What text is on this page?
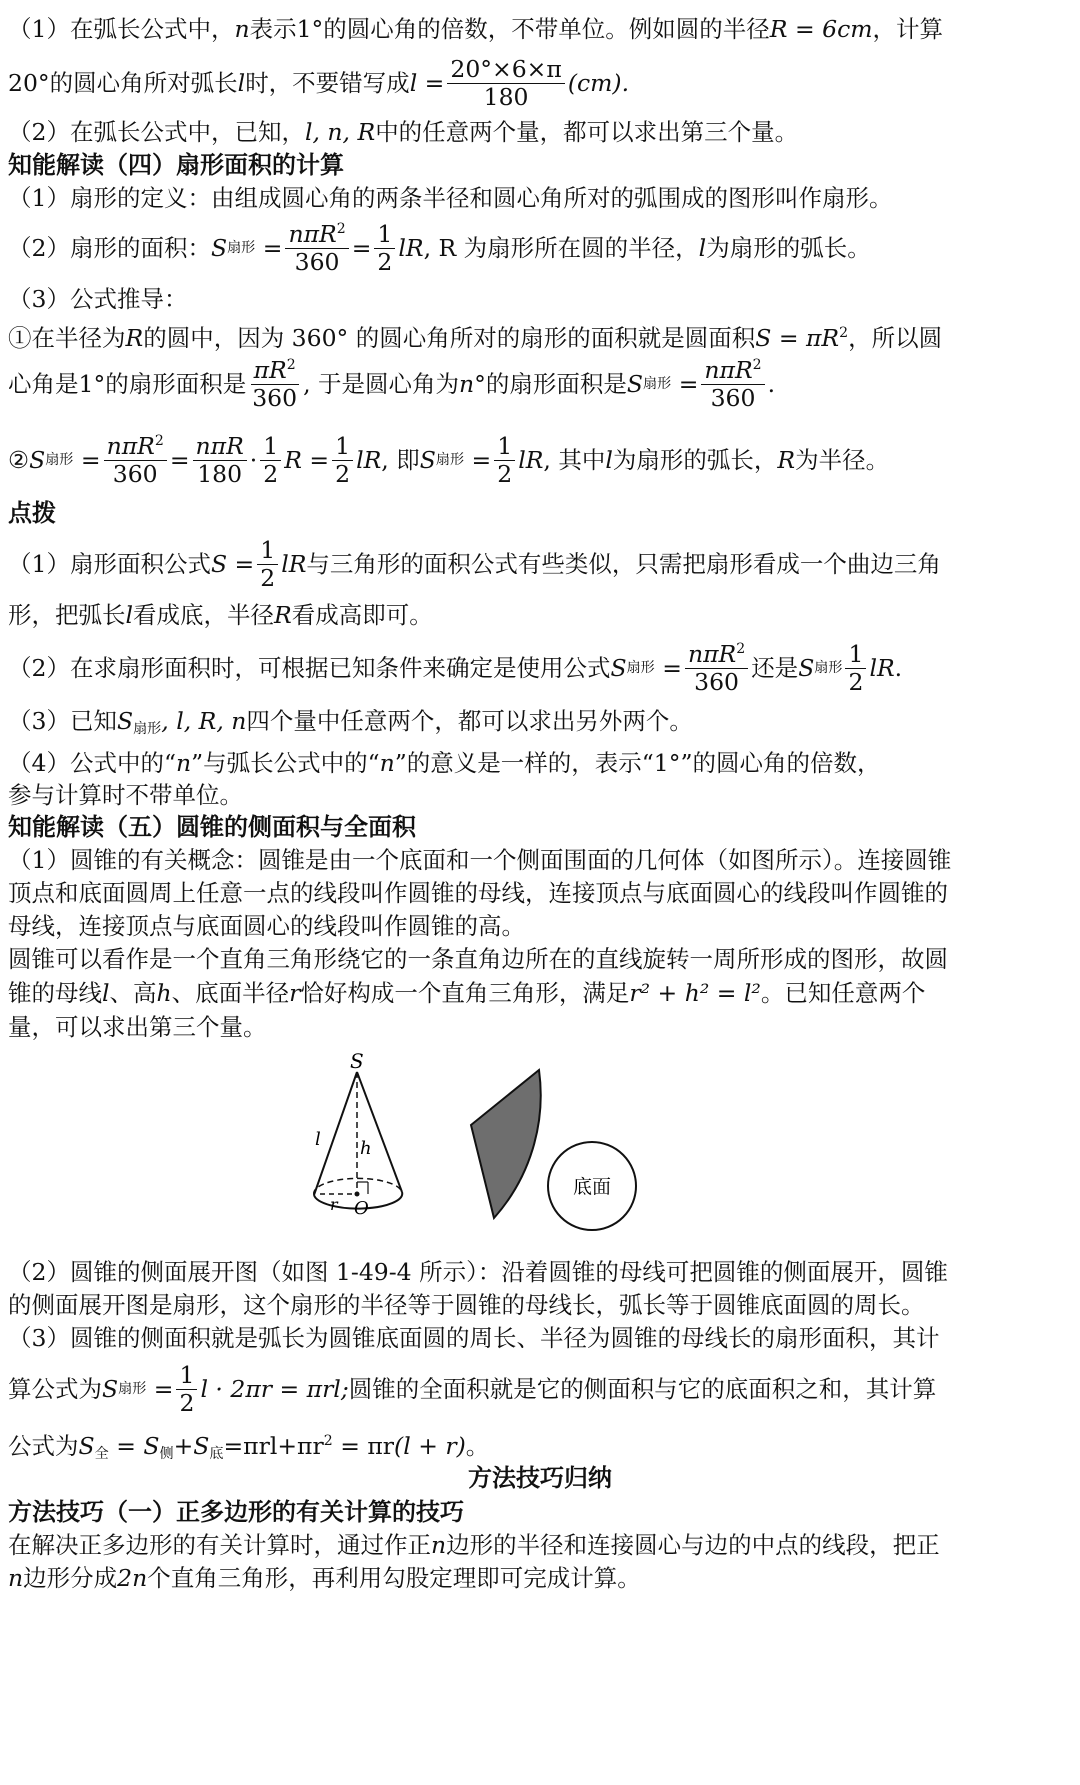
（1）在弧长公式中，n表示1°的圆心角的倍数，不带单位。例如圆的半径R = 6cm，计算
20° 的圆心角所对弧长 l 时，不要错写成 $l = \frac{20^\circ\times 6\times\pi}{180} (cm)$.
（2）在弧长公式中，已知，l, n, R中的任意两个量，都可以求出第三个量。
知能解读（四）扇形面积的计算
（1）扇形的定义：由组成圆心角的两条半径和圆心角所对的弧围成的图形叫作扇形。
（2）扇形的面积： S 扇形
= $\frac{n\pi R^2}{360} = \frac{1}{2}$ lR , R 为扇形所在圆的半径， l 为扇形的弧长。
（3）公式推导：
①在半径为R的圆中，因为 360° 的圆心角所对的扇形的面积就是圆面积$S = \pi R^2$，所以圆
心角是 1° 的扇形面积是 $\frac{\pi R^2}{360}$ , 于是圆心角为 n° 的扇形面积是 S 扇形
= $\frac{n\pi R^2}{360}$ .
② S 扇形
= $\frac{n\pi R^2}{360} = \frac{\text{nπR}}{180} \cdot \frac{1}{2}$ R
= $\frac{1}{2}$ lR , 即 S 扇形
= $\frac{1}{2}$ lR , 其中 l 为扇形的弧长， R 为半径。
点拨
（1）扇形面积公式 S
= $\frac{1}{2}$ lR 与三角形的面积公式有些类似，只需把扇形看成一个曲边三角
形，把弧长l看成底，半径R看成高即可。
（2）在求扇形面积时，可根据已知条件来确定是使用公式 S 扇形
= $\frac{n\pi R^2}{360}$ 还是 S 扇形 $\frac{1}{2}$ lR .
（3）已知$S_{扇形}$, l, R, n四个量中任意两个，都可以求出另外两个。
（4）公式中的“n”与弧长公式中的“n”的意义是一样的，表示“1°”的圆心角的倍数，
参与计算时不带单位。
知能解读（五）圆锥的侧面积与全面积
（1）圆锥的有关概念：圆锥是由一个底面和一个侧面围面的几何体（如图所示）。连接圆锥
顶点和底面圆周上任意一点的线段叫作圆锥的母线，连接顶点与底面圆心的线段叫作圆锥的
母线，连接顶点与底面圆心的线段叫作圆锥的高。
圆锥可以看作是一个直角三角形绕它的一条直角边所在的直线旋转一周所形成的图形，故圆
锥的母线l、高h、底面半径r恰好构成一个直角三角形，满足r² + h² = l²。已知任意两个
量，可以求出第三个量。
S
l h
r O
底面
（2）圆锥的侧面展开图（如图 1-49-4 所示）：沿着圆锥的母线可把圆锥的侧面展开，圆锥
的侧面展开图是扇形，这个扇形的半径等于圆锥的母线长，弧长等于圆锥底面圆的周长。
（3）圆锥的侧面积就是弧长为圆锥底面圆的周长、半径为圆锥的母线长的扇形面积，其计
算公式为 S 扇形
= $\frac{1}{2}$ l · 2πr = πrl; 圆锥的全面积就是它的侧面积与它的底面积之和，其计算
公式为$S_全 = S_侧+S_底=\pi rl+\pi r^2 = \pi r(l + r)$。
方法技巧归纳
方法技巧（一）正多边形的有关计算的技巧
在解决正多边形的有关计算时，通过作正n边形的半径和连接圆心与边的中点的线段，把正
n边形分成2n个直角三角形，再利用勾股定理即可完成计算。
